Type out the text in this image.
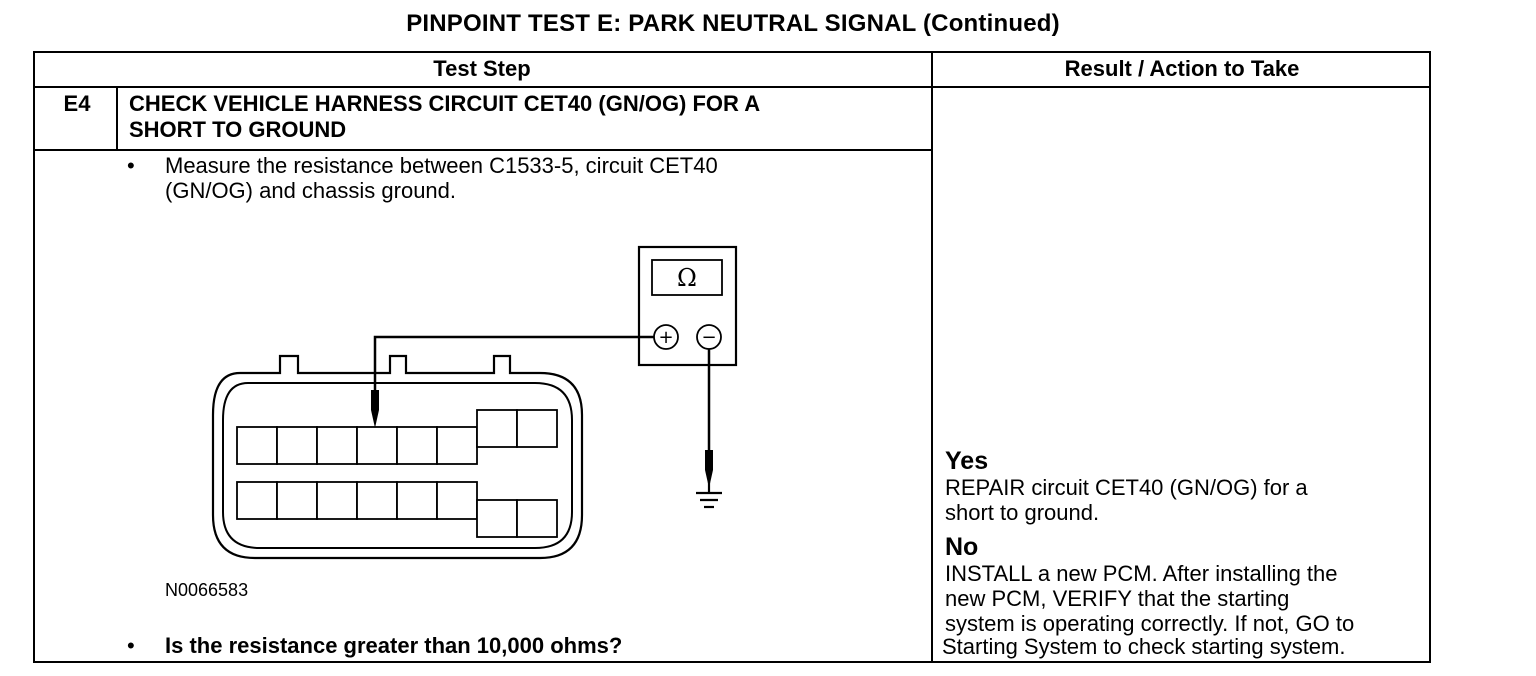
PINPOINT TEST E: PARK NEUTRAL SIGNAL (Continued)
Test Step	Result / Action to Take
E4	CHECK VEHICLE HARNESS CIRCUIT CET40 (GN/OG) FOR A
SHORT TO GROUND
• Measure the resistance between C1533-5, circuit CET40
(GN/OG) and chassis ground.
Ω
+ −
N0066583
• Is the resistance greater than 10,000 ohms?
Yes
REPAIR circuit CET40 (GN/OG) for a
short to ground.
No
INSTALL a new PCM. After installing the
new PCM, VERIFY that the starting
system is operating correctly. If not, GO to
Starting System to check starting system.
